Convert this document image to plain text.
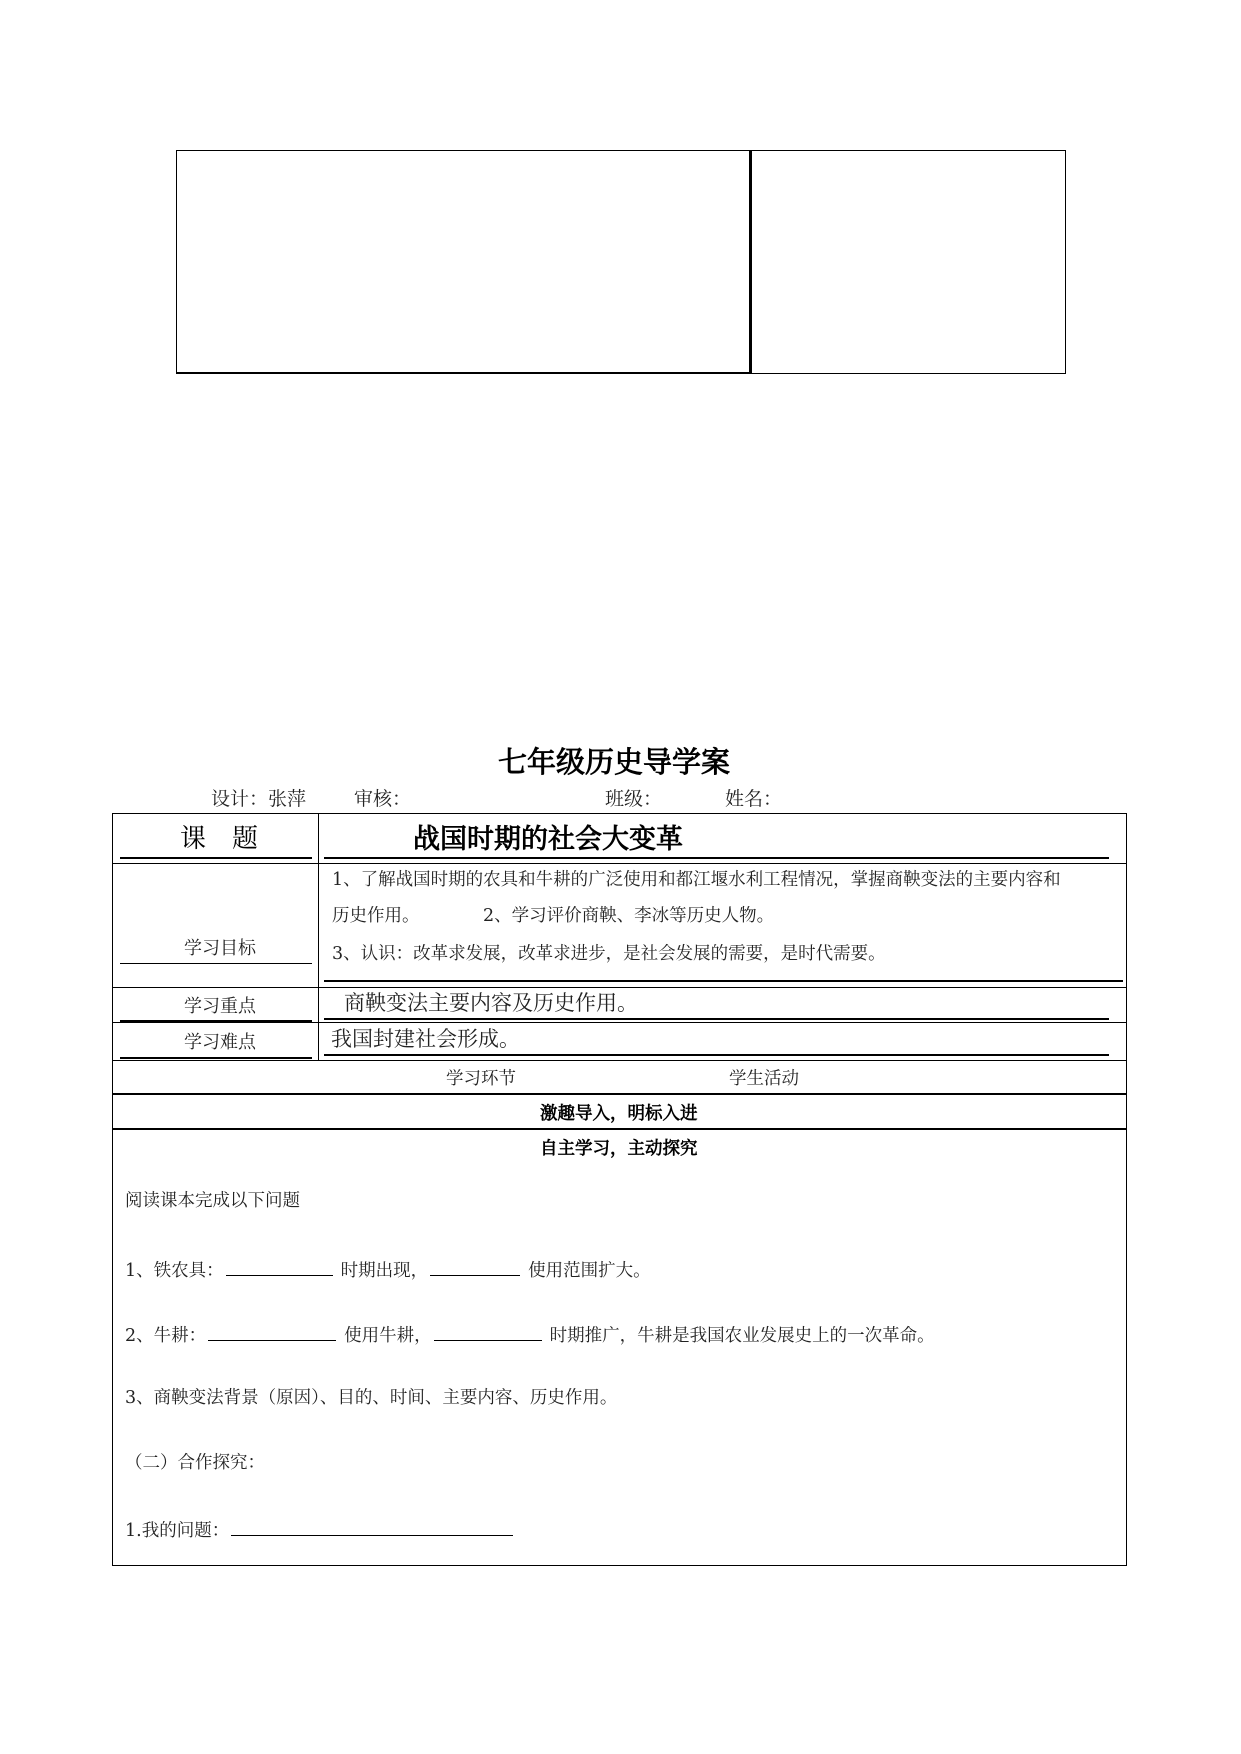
七年级历史导学案
设计：张萍	审核：	班级：	姓名：
课　题	战国时期的社会大变革
学习目标
1、了解战国时期的农具和牛耕的广泛使用和都江堰水利工程情况，掌握商鞅变法的主要内容和
历史作用。	2、学习评价商鞅、李冰等历史人物。
3、认识：改革求发展，改革求进步，是社会发展的需要，是时代需要。
学习重点	商鞅变法主要内容及历史作用。
学习难点	我国封建社会形成。
学习环节	学生活动
激趣导入，明标入进
自主学习，主动探究
阅读课本完成以下问题
1、铁农具：	时期出现，	使用范围扩大。
2、牛耕：	使用牛耕，	时期推广，牛耕是我国农业发展史上的一次革命。
3、商鞅变法背景（原因）、目的、时间、主要内容、历史作用。
（二）合作探究：
1.我的问题：
